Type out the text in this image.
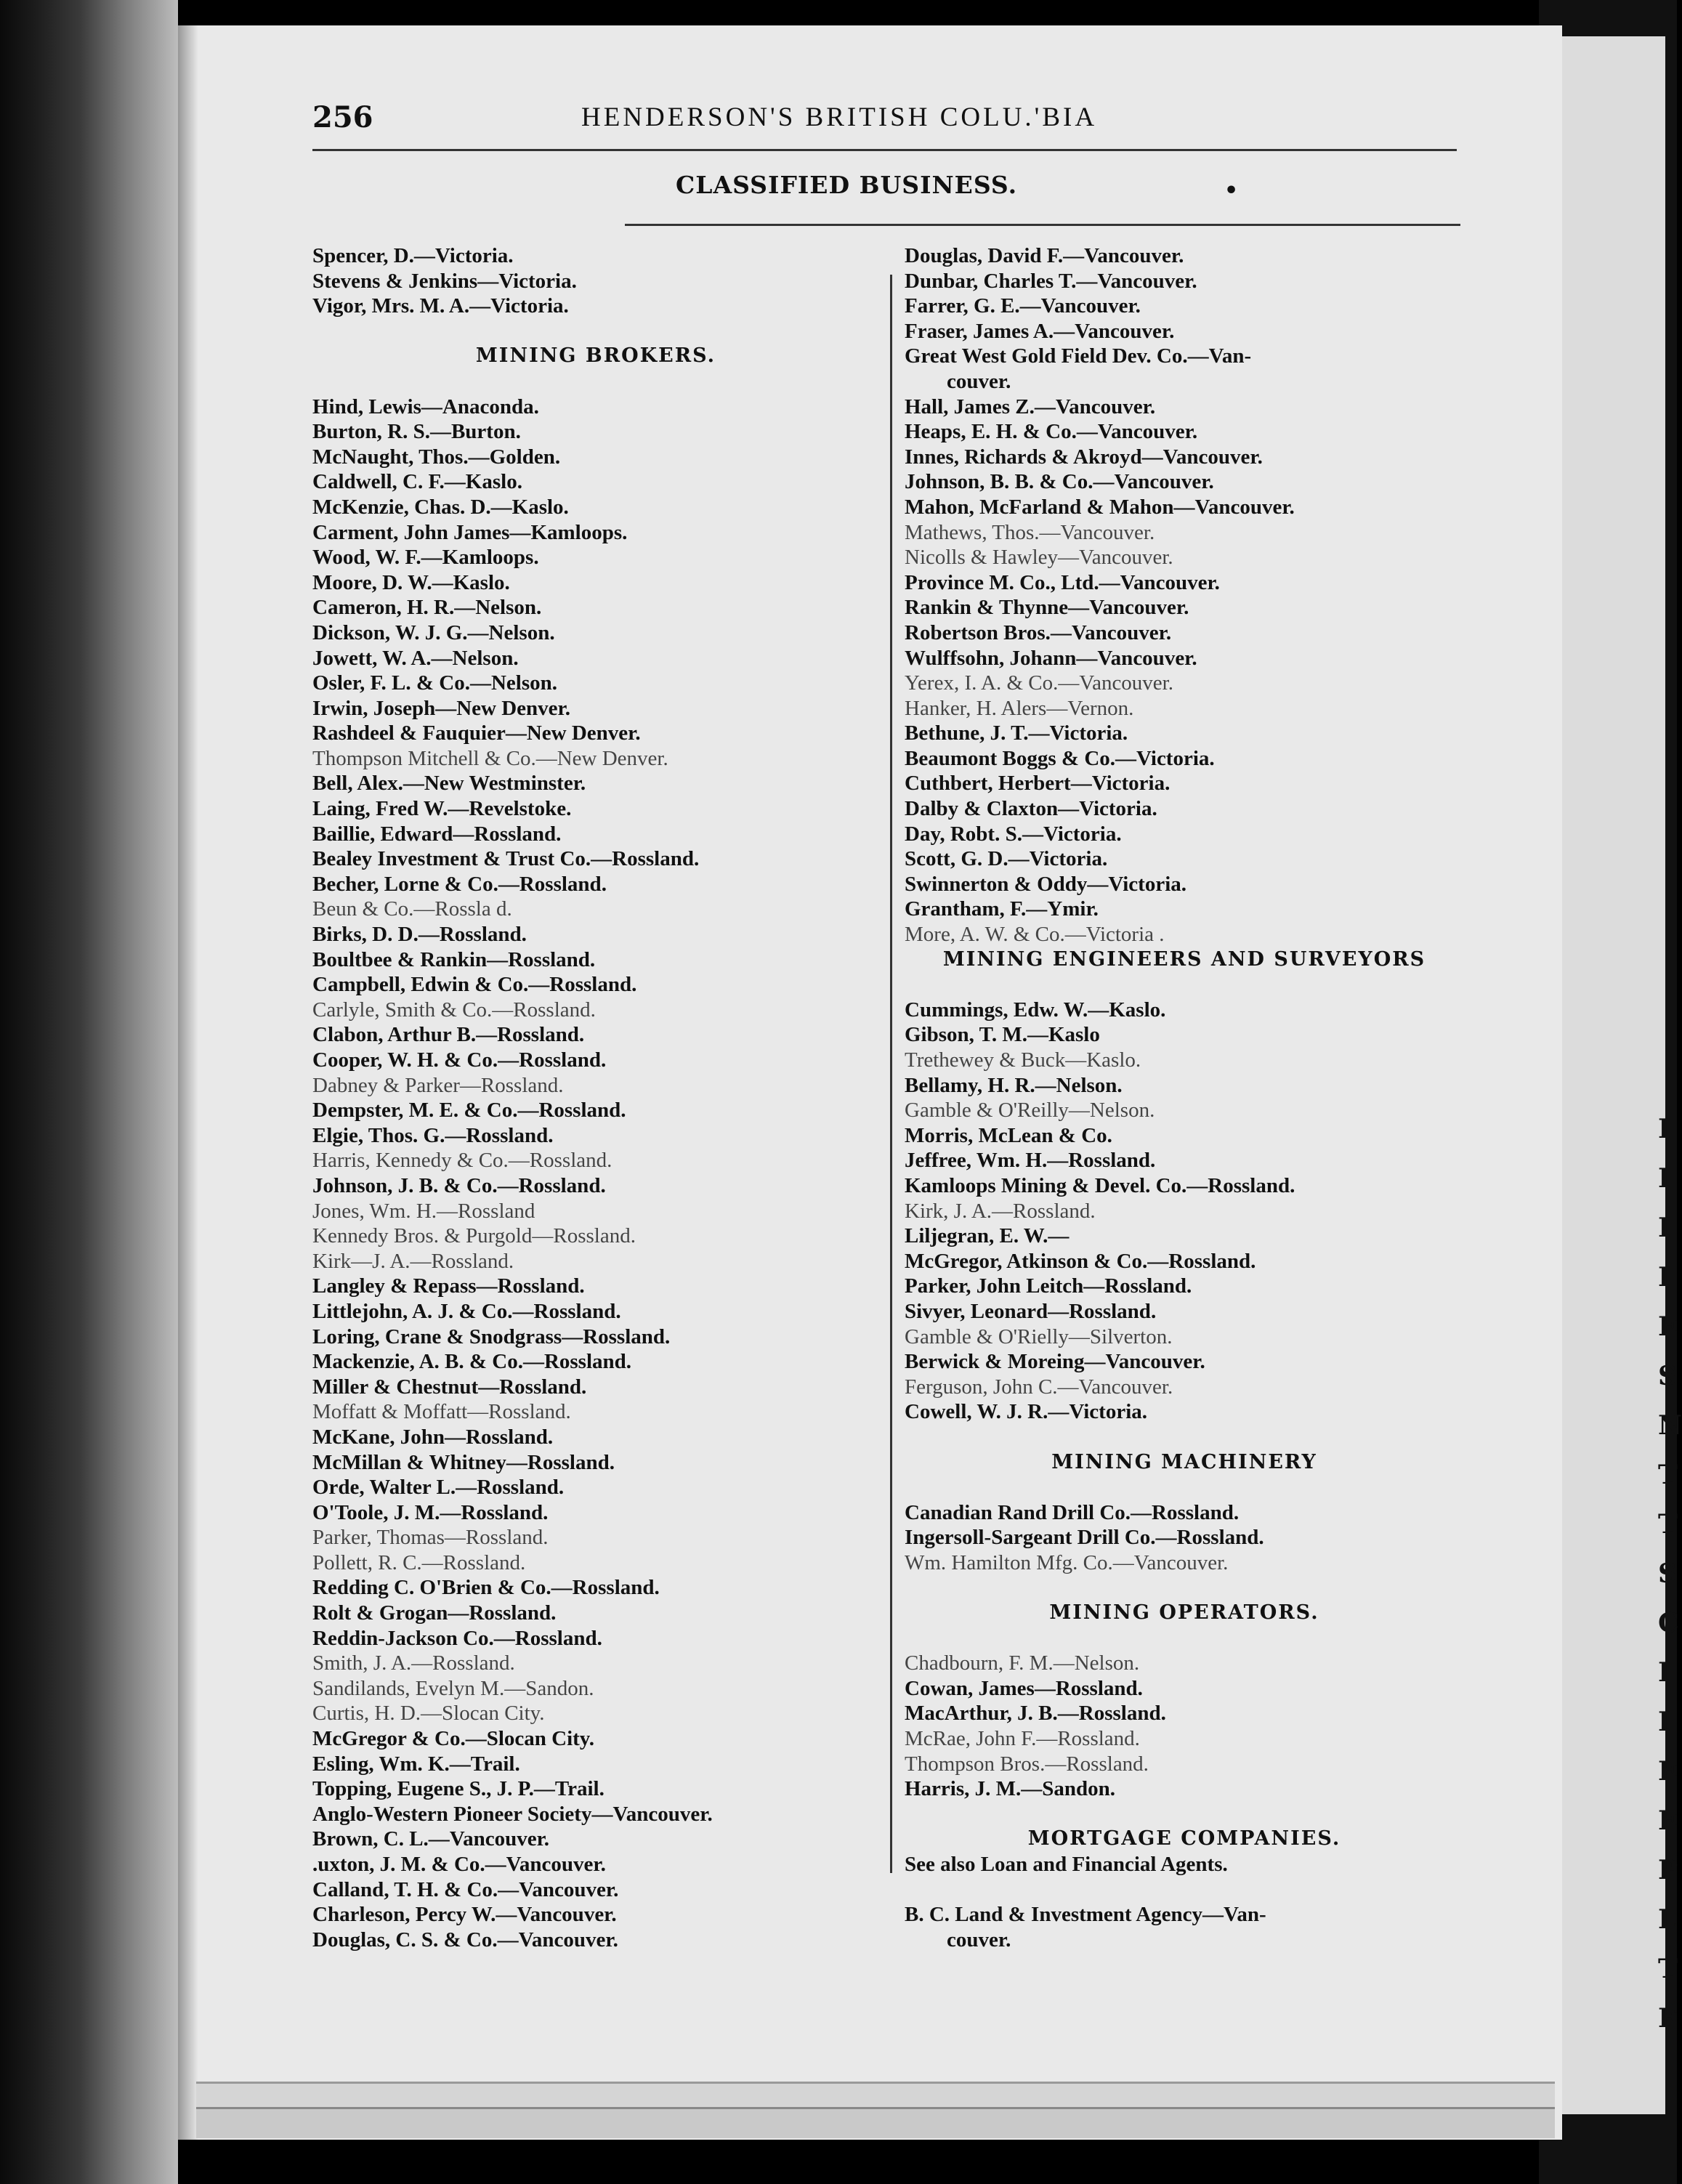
I I I I E S N T T S C I I E E P L T F
256	HENDERSON'S BRITISH COLU.'BIA
CLASSIFIED BUSINESS.	•
Spencer, D.—Victoria.
Stevens & Jenkins—Victoria.
Vigor, Mrs. M. A.—Victoria.
MINING BROKERS.
Hind, Lewis—Anaconda.
Burton, R. S.—Burton.
McNaught, Thos.—Golden.
Caldwell, C. F.—Kaslo.
McKenzie, Chas. D.—Kaslo.
Carment, John James—Kamloops.
Wood, W. F.—Kamloops.
Moore, D. W.—Kaslo.
Cameron, H. R.—Nelson.
Dickson, W. J. G.—Nelson.
Jowett, W. A.—Nelson.
Osler, F. L. & Co.—Nelson.
Irwin, Joseph—New Denver.
Rashdeel & Fauquier—New Denver.
Thompson Mitchell & Co.—New Denver.
Bell, Alex.—New Westminster.
Laing, Fred W.—Revelstoke.
Baillie, Edward—Rossland.
Bealey Investment & Trust Co.—Rossland.
Becher, Lorne & Co.—Rossland.
Beun & Co.—Rossla d.
Birks, D. D.—Rossland.
Boultbee & Rankin—Rossland.
Campbell, Edwin & Co.—Rossland.
Carlyle, Smith & Co.—Rossland.
Clabon, Arthur B.—Rossland.
Cooper, W. H. & Co.—Rossland.
Dabney & Parker—Rossland.
Dempster, M. E. & Co.—Rossland.
Elgie, Thos. G.—Rossland.
Harris, Kennedy & Co.—Rossland.
Johnson, J. B. & Co.—Rossland.
Jones, Wm. H.—Rossland
Kennedy Bros. & Purgold—Rossland.
Kirk—J. A.—Rossland.
Langley & Repass—Rossland.
Littlejohn, A. J. & Co.—Rossland.
Loring, Crane & Snodgrass—Rossland.
Mackenzie, A. B. & Co.—Rossland.
Miller & Chestnut—Rossland.
Moffatt & Moffatt—Rossland.
McKane, John—Rossland.
McMillan & Whitney—Rossland.
Orde, Walter L.—Rossland.
O'Toole, J. M.—Rossland.
Parker, Thomas—Rossland.
Pollett, R. C.—Rossland.
Redding C. O'Brien & Co.—Rossland.
Rolt & Grogan—Rossland.
Reddin-Jackson Co.—Rossland.
Smith, J. A.—Rossland.
Sandilands, Evelyn M.—Sandon.
Curtis, H. D.—Slocan City.
McGregor & Co.—Slocan City.
Esling, Wm. K.—Trail.
Topping, Eugene S., J. P.—Trail.
Anglo-Western Pioneer Society—Vancouver.
Brown, C. L.—Vancouver.
.uxton, J. M. & Co.—Vancouver.
Calland, T. H. & Co.—Vancouver.
Charleson, Percy W.—Vancouver.
Douglas, C. S. & Co.—Vancouver.
Douglas, David F.—Vancouver.
Dunbar, Charles T.—Vancouver.
Farrer, G. E.—Vancouver.
Fraser, James A.—Vancouver.
Great West Gold Field Dev. Co.—Van-
couver.
Hall, James Z.—Vancouver.
Heaps, E. H. & Co.—Vancouver.
Innes, Richards & Akroyd—Vancouver.
Johnson, B. B. & Co.—Vancouver.
Mahon, McFarland & Mahon—Vancouver.
Mathews, Thos.—Vancouver.
Nicolls & Hawley—Vancouver.
Province M. Co., Ltd.—Vancouver.
Rankin & Thynne—Vancouver.
Robertson Bros.—Vancouver.
Wulffsohn, Johann—Vancouver.
Yerex, I. A. & Co.—Vancouver.
Hanker, H. Alers—Vernon.
Bethune, J. T.—Victoria.
Beaumont Boggs & Co.—Victoria.
Cuthbert, Herbert—Victoria.
Dalby & Claxton—Victoria.
Day, Robt. S.—Victoria.
Scott, G. D.—Victoria.
Swinnerton & Oddy—Victoria.
Grantham, F.—Ymir.
More, A. W. & Co.—Victoria .
MINING ENGINEERS AND SURVEYORS
Cummings, Edw. W.—Kaslo.
Gibson, T. M.—Kaslo
Trethewey & Buck—Kaslo.
Bellamy, H. R.—Nelson.
Gamble & O'Reilly—Nelson.
Morris, McLean & Co.
Jeffree, Wm. H.—Rossland.
Kamloops Mining & Devel. Co.—Rossland.
Kirk, J. A.—Rossland.
Liljegran, E. W.—
McGregor, Atkinson & Co.—Rossland.
Parker, John Leitch—Rossland.
Sivyer, Leonard—Rossland.
Gamble & O'Rielly—Silverton.
Berwick & Moreing—Vancouver.
Ferguson, John C.—Vancouver.
Cowell, W. J. R.—Victoria.
MINING MACHINERY
Canadian Rand Drill Co.—Rossland.
Ingersoll-Sargeant Drill Co.—Rossland.
Wm. Hamilton Mfg. Co.—Vancouver.
MINING OPERATORS.
Chadbourn, F. M.—Nelson.
Cowan, James—Rossland.
MacArthur, J. B.—Rossland.
McRae, John F.—Rossland.
Thompson Bros.—Rossland.
Harris, J. M.—Sandon.
MORTGAGE COMPANIES.
See also Loan and Financial Agents.
B. C. Land & Investment Agency—Van-
couver.
